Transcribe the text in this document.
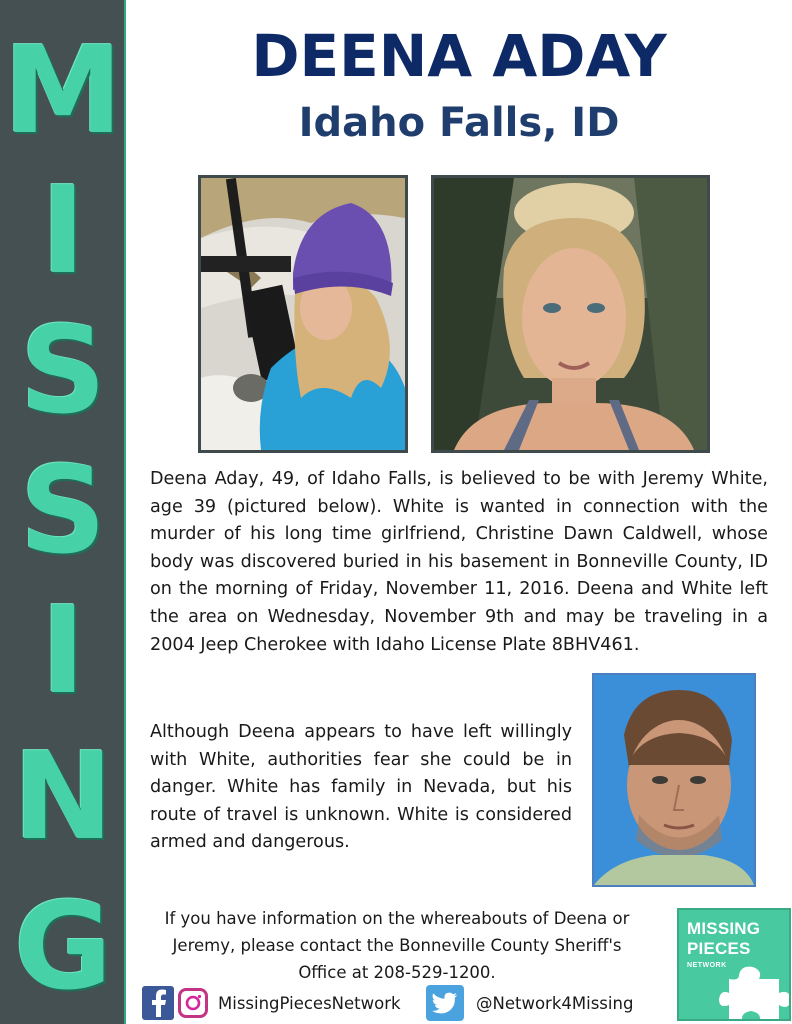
M
I
S
S
I
N
G
DEENA ADAY
Idaho Falls, ID
Deena Aday, 49, of Idaho Falls, is believed to be with Jeremy White, age 39 (pictured below). White is wanted in connection with the murder of his long time girlfriend, Christine Dawn Caldwell, whose body was discovered buried in his basement in Bonneville County, ID on the morning of Friday, November 11, 2016. Deena and White left the area on Wednesday, November 9th and may be traveling in a 2004 Jeep Cherokee with Idaho License Plate 8BHV461.
Although Deena appears to have left willingly with White, authorities fear she could be in danger. White has family in Nevada, but his route of travel is unknown. White is considered armed and dangerous.
If you have information on the whereabouts of Deena or
Jeremy, please contact the Bonneville County Sheriff's
Office at 208-529-1200.
MissingPiecesNetwork	@Network4Missing
MISSING
PIECES
NETWORK
